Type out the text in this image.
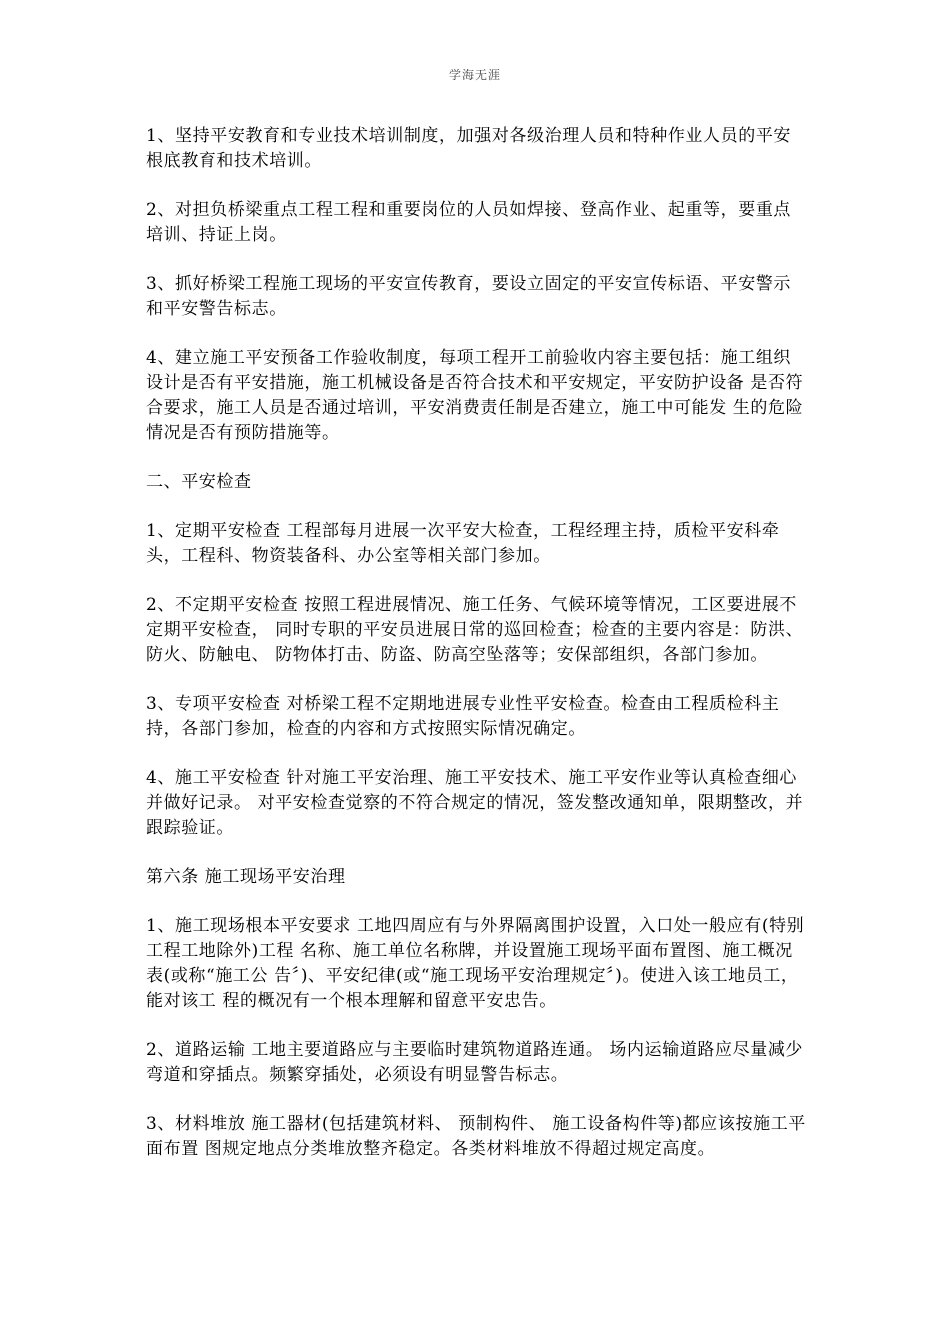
学海无涯

1、坚持平安教育和专业技术培训制度，加强对各级治理人员和特种作业人员的平安根底教育和技术培训。

2、对担负桥梁重点工程工程和重要岗位的人员如焊接、登高作业、起重等，要重点培训、持证上岗。

3、抓好桥梁工程施工现场的平安宣传教育，要设立固定的平安宣传标语、平安警示和平安警告标志。

4、建立施工平安预备工作验收制度，每项工程开工前验收内容主要包括：施工组织设计是否有平安措施，施工机械设备是否符合技术和平安规定，平安防护设备 是否符合要求，施工人员是否通过培训，平安消费责任制是否建立，施工中可能发 生的危险情况是否有预防措施等。

二、平安检查

1、定期平安检查 工程部每月进展一次平安大检查，工程经理主持，质检平安科牵头，工程科、物资装备科、办公室等相关部门参加。

2、不定期平安检查 按照工程进展情况、施工任务、气候环境等情况，工区要进展不定期平安检查， 同时专职的平安员进展日常的巡回检查；检查的主要内容是：防洪、防火、防触电、 防物体打击、防盗、防高空坠落等；安保部组织，各部门参加。

3、专项平安检查 对桥梁工程不定期地进展专业性平安检查。检查由工程质检科主持，各部门参加，检查的内容和方式按照实际情况确定。

4、施工平安检查 针对施工平安治理、施工平安技术、施工平安作业等认真检查细心并做好记录。 对平安检查觉察的不符合规定的情况，签发整改通知单，限期整改，并跟踪验证。

第六条 施工现场平安治理

1、施工现场根本平安要求 工地四周应有与外界隔离围护设置，入口处一般应有(特别工程工地除外)工程 名称、施工单位名称牌，并设置施工现场平面布置图、施工概况表(或称“施工公 告〞)、平安纪律(或“施工现场平安治理规定〞)。使进入该工地员工，能对该工 程的概况有一个根本理解和留意平安忠告。

2、道路运输 工地主要道路应与主要临时建筑物道路连通。 场内运输道路应尽量减少弯道和穿插点。频繁穿插处，必须设有明显警告标志。

3、材料堆放 施工器材(包括建筑材料、 预制构件、 施工设备构件等)都应该按施工平面布置 图规定地点分类堆放整齐稳定。各类材料堆放不得超过规定高度。
